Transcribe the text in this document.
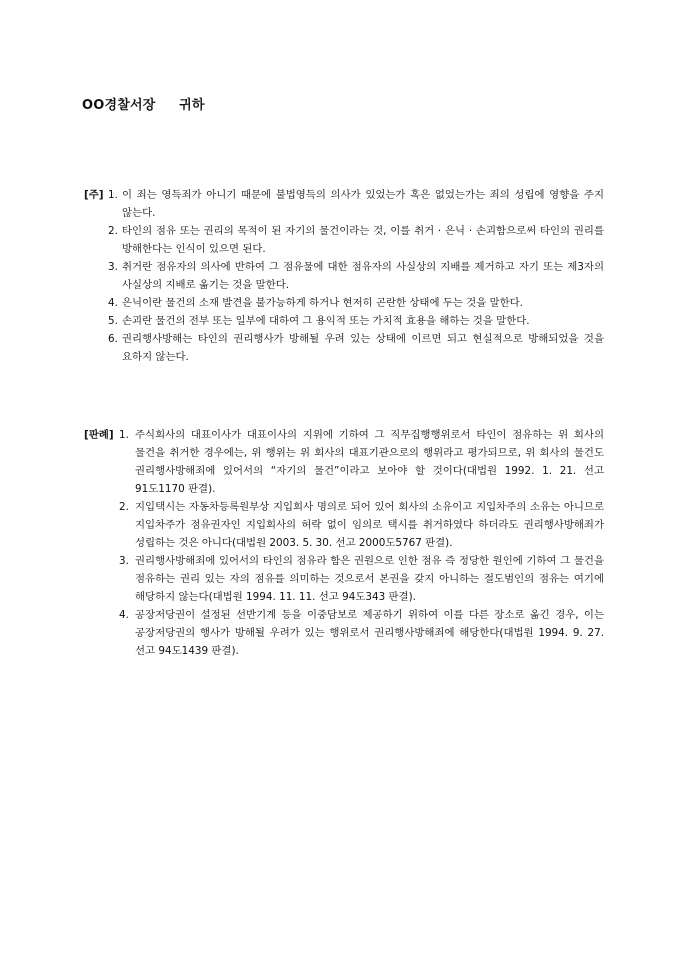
OO경찰서장     귀하
[주] 1. 이 죄는 영득죄가 아니기 때문에 불법영득의 의사가 있었는가 혹은 없었는가는 죄의 성립에 영향을 주지 않는다.
2. 타인의 점유 또는 권리의 목적이 된 자기의 물건이라는 것, 이를 취거 · 은닉 · 손괴함으로써 타인의 권리를 방해한다는 인식이 있으면 된다.
3. 취거란 점유자의 의사에 반하여 그 점유물에 대한 점유자의 사실상의 지배를 제거하고 자기 또는 제3자의 사실상의 지배로 옮기는 것을 말한다.
4. 은닉이란 물건의 소재 발견을 불가능하게 하거나 현저히 곤란한 상태에 두는 것을 말한다.
5. 손괴란 물건의 전부 또는 일부에 대하여 그 용익적 또는 가치적 효용을 해하는 것을 말한다.
6. 권리행사방해는 타인의 권리행사가 방해될 우려 있는 상태에 이르면 되고 현실적으로 방해되었을 것을 요하지 않는다.
[판례] 1. 주식회사의 대표이사가 대표이사의 지위에 기하여 그 직무집행행위로서 타인이 점유하는 위 회사의 물건을 취거한 경우에는, 위 행위는 위 회사의 대표기관으로의 행위라고 평가되므로, 위 회사의 물건도 권리행사방해죄에 있어서의 “자기의 물건”이라고 보아야 할 것이다(대법원 1992. 1. 21. 선고 91도1170 판결).
2. 지입택시는 자동차등록원부상 지입회사 명의로 되어 있어 회사의 소유이고 지입차주의 소유는 아니므로 지입차주가 점유권자인 지입회사의 허락 없이 임의로 택시를 취거하였다 하더라도 권리행사방해죄가 성립하는 것은 아니다(대법원 2003. 5. 30. 선고 2000도5767 판결).
3. 권리행사방해죄에 있어서의 타인의 점유라 함은 권원으로 인한 점유 즉 정당한 원인에 기하여 그 물건을 점유하는 권리 있는 자의 점유를 의미하는 것으로서 본권을 갖지 아니하는 절도범인의 점유는 여기에 해당하지 않는다(대법원 1994. 11. 11. 선고 94도343 판결).
4. 공장저당권이 설정된 선반기계 등을 이중담보로 제공하기 위하여 이를 다른 장소로 옮긴 경우, 이는 공장저당권의 행사가 방해될 우려가 있는 행위로서 권리행사방해죄에 해당한다(대법원 1994. 9. 27. 선고 94도1439 판결).
